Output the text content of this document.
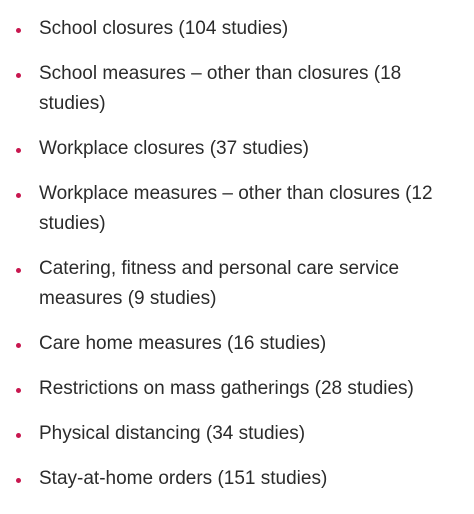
School closures (104 studies)
School measures – other than closures (18 studies)
Workplace closures (37 studies)
Workplace measures – other than closures (12 studies)
Catering, fitness and personal care service measures (9 studies)
Care home measures (16 studies)
Restrictions on mass gatherings (28 studies)
Physical distancing (34 studies)
Stay-at-home orders (151 studies)
